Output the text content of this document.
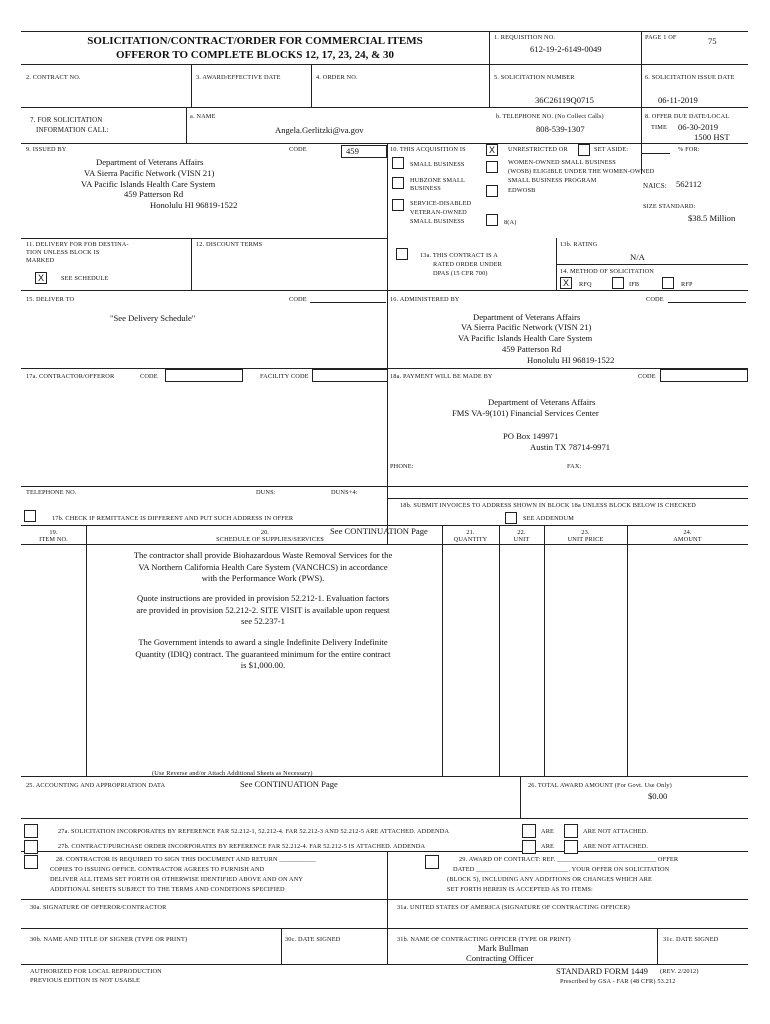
SOLICITATION/CONTRACT/ORDER FOR COMMERCIAL ITEMS
OFFEROR TO COMPLETE BLOCKS 12, 17, 23, 24, & 30
1. REQUISITION NO.
612-19-2-6149-0049
PAGE 1 OF	75
2. CONTRACT NO.	3. AWARD/EFFECTIVE DATE	4. ORDER NO.	5. SOLICITATION NUMBER
36C26119Q0715
6. SOLICITATION ISSUE DATE
06-11-2019
7. FOR SOLICITATION
INFORMATION CALL:
a. NAME
Angela.Gerlitzki@va.gov
b. TELEPHONE NO. (No Collect Calls)
808-539-1307
8. OFFER DUE DATE/LOCAL
TIME 06-30-2019
1500 HST
9. ISSUED BY	CODE	459
Department of Veterans Affairs
VA Sierra Pacific Network (VISN 21)
VA Pacific Islands Health Care System
459 Patterson Rd
Honolulu HI 96819-1522
10. THIS ACQUISITION IS	X	UNRESTRICTED OR	SET ASIDE:	% FOR:
SMALL BUSINESS
HUBZONE SMALL
BUSINESS
SERVICE-DISABLED
VETERAN-OWNED
SMALL BUSINESS
WOMEN-OWNED SMALL BUSINESS
(WOSB) ELIGIBLE UNDER THE WOMEN-OWNED
SMALL BUSINESS PROGRAM
EDWOSB
8(A)
NAICS: 562112
SIZE STANDARD:
$38.5 Million
11. DELIVERY FOR FOB DESTINA-
TION UNLESS BLOCK IS
MARKED
X	SEE SCHEDULE
12. DISCOUNT TERMS
13a. THIS CONTRACT IS A
RATED ORDER UNDER
DPAS (15 CFR 700)
13b. RATING
N/A
14. METHOD OF SOLICITATION
X	RFQ	IFB	RFP
15. DELIVER TO	CODE
"See Delivery Schedule"
16. ADMINISTERED BY	CODE
Department of Veterans Affairs
VA Sierra Pacific Network (VISN 21)
VA Pacific Islands Health Care System
459 Patterson Rd
Honolulu HI 96819-1522
17a. CONTRACTOR/OFFEROR	CODE	FACILITY CODE
TELEPHONE NO.	DUNS:	DUNS+4:
17b. CHECK IF REMITTANCE IS DIFFERENT AND PUT SUCH ADDRESS IN OFFER
18a. PAYMENT WILL BE MADE BY	CODE
Department of Veterans Affairs
FMS VA-9(101) Financial Services Center
PO Box 149971
Austin TX 78714-9971
PHONE:	FAX:
18b. SUBMIT INVOICES TO ADDRESS SHOWN IN BLOCK 18a UNLESS BLOCK BELOW IS CHECKED
SEE ADDENDUM
19.
ITEM NO.
20.
SCHEDULE OF SUPPLIES/SERVICES
See CONTINUATION Page	21.
QUANTITY
22.
UNIT
23.
UNIT PRICE
24.
AMOUNT
The contractor shall provide Biohazardous Waste Removal Services for the VA Northern California Health Care System (VANCHCS) in accordance with the Performance Work (PWS).
Quote instructions are provided in provision 52.212-1. Evaluation factors are provided in provision 52.212-2. SITE VISIT is available upon request see 52.237-1
The Government intends to award a single Indefinite Delivery Indefinite Quantity (IDIQ) contract. The guaranteed minimum for the entire contract is $1,000.00.
(Use Reverse and/or Attach Additional Sheets as Necessary)
25. ACCOUNTING AND APPROPRIATION DATA	See CONTINUATION Page	26. TOTAL AWARD AMOUNT (For Govt. Use Only)
$0.00
27a. SOLICITATION INCORPORATES BY REFERENCE FAR 52.212-1, 52.212-4. FAR 52.212-3 AND 52.212-5 ARE ATTACHED. ADDENDA	ARE	ARE NOT ATTACHED.
27b. CONTRACT/PURCHASE ORDER INCORPORATES BY REFERENCE FAR 52.212-4. FAR 52.212-5 IS ATTACHED. ADDENDA	ARE	ARE NOT ATTACHED.
28. CONTRACTOR IS REQUIRED TO SIGN THIS DOCUMENT AND RETURN ___________
COPIES TO ISSUING OFFICE. CONTRACTOR AGREES TO FURNISH AND
DELIVER ALL ITEMS SET FORTH OR OTHERWISE IDENTIFIED ABOVE AND ON ANY
ADDITIONAL SHEETS SUBJECT TO THE TERMS AND CONDITIONS SPECIFIED
29. AWARD OF CONTRACT: REF. ______________________________ OFFER
DATED ____________________________. YOUR OFFER ON SOLICITATION
(BLOCK 5), INCLUDING ANY ADDITIONS OR CHANGES WHICH ARE
SET FORTH HEREIN IS ACCEPTED AS TO ITEMS:
30a. SIGNATURE OF OFFEROR/CONTRACTOR	31a. UNITED STATES OF AMERICA (SIGNATURE OF CONTRACTING OFFICER)
30b. NAME AND TITLE OF SIGNER (TYPE OR PRINT)	30c. DATE SIGNED	31b. NAME OF CONTRACTING OFFICER (TYPE OR PRINT)
Mark Bullman
Contracting Officer
31c. DATE SIGNED
AUTHORIZED FOR LOCAL REPRODUCTION
PREVIOUS EDITION IS NOT USABLE
STANDARD FORM 1449 (REV. 2/2012)
Prescribed by GSA - FAR (48 CFR) 53.212
